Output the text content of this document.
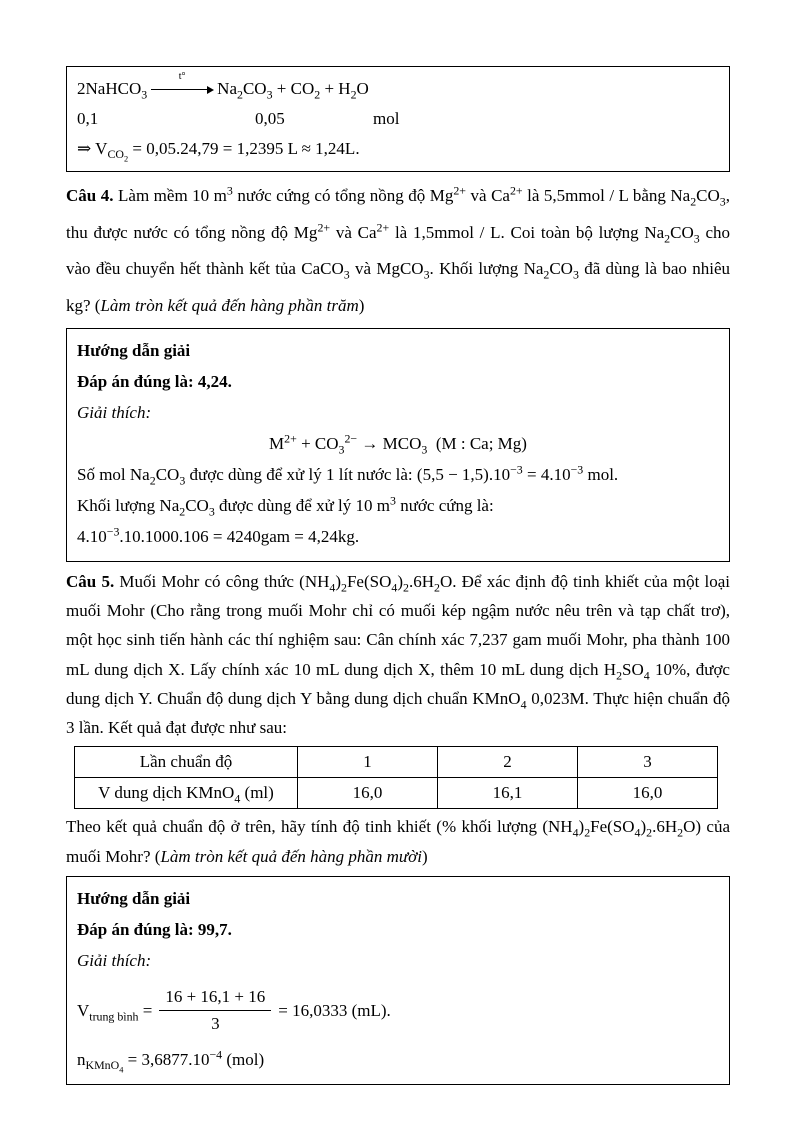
2NaHCO$_3$
t°
$Na_2CO_3 + CO_2 + H_2O$
0,1	0,05	mol
⇒ $V_{CO_2} = 0,05.24,79 = 1,2395$ L ≈ 1,24L.

Câu 4. Làm mềm 10 $m^3$ nước cứng có tổng nồng độ $Mg^{2+}$ và $Ca^{2+}$ là 5,5mmol / L bằng $Na_2CO_3$, thu được nước có tổng nồng độ $Mg^{2+}$ và $Ca^{2+}$ là 1,5mmol / L. Coi toàn bộ lượng $Na_2CO_3$ cho vào đều chuyển hết thành kết tủa CaCO$_3$ và MgCO$_3$. Khối lượng $Na_2CO_3$ đã dùng là bao nhiêu kg? (Làm tròn kết quả đến hàng phần trăm)

Hướng dẫn giải
Đáp án đúng là: 4,24.
Giải thích:
$M^{2+} + CO_3^{2-} \to MCO_3$  (M : Ca; Mg)
Số mol $Na_2CO_3$ được dùng để xử lý 1 lít nước là: $(5,5 - 1,5).10^{-3} = 4.10^{-3}$ mol.
Khối lượng $Na_2CO_3$ được dùng để xử lý 10 $m^3$ nước cứng là:
$4.10^{-3}.10.1000.106 = 4240gam = 4,24kg$.

Câu 5. Muối Mohr có công thức $(NH_4)_2Fe(SO_4)_2.6H_2O$. Để xác định độ tinh khiết của một loại muối Mohr (Cho rằng trong muối Mohr chỉ có muối kép ngậm nước nêu trên và tạp chất trơ), một học sinh tiến hành các thí nghiệm sau: Cân chính xác 7,237 gam muối Mohr, pha thành 100 mL dung dịch X. Lấy chính xác 10 mL dung dịch X, thêm 10 mL dung dịch $H_2SO_4$ 10%, được dung dịch Y. Chuẩn độ dung dịch Y bằng dung dịch chuẩn KMnO$_4$ 0,023M. Thực hiện chuẩn độ 3 lần. Kết quả đạt được như sau:

Lần chuẩn độ	1	2	3
V dung dịch KMnO$_4$ (ml)	16,0	16,1	16,0

Theo kết quả chuẩn độ ở trên, hãy tính độ tinh khiết (% khối lượng $(NH_4)_2Fe(SO_4)_2.6H_2O$) của muối Mohr? (Làm tròn kết quả đến hàng phần mười)

Hướng dẫn giải
Đáp án đúng là: 99,7.
Giải thích:
$V_{trung bình} = \frac{16 + 16,1 + 16}{3} = 16,0333$ (mL).
$n_{KMnO_4} = 3,6877.10^{-4}$ (mol)
